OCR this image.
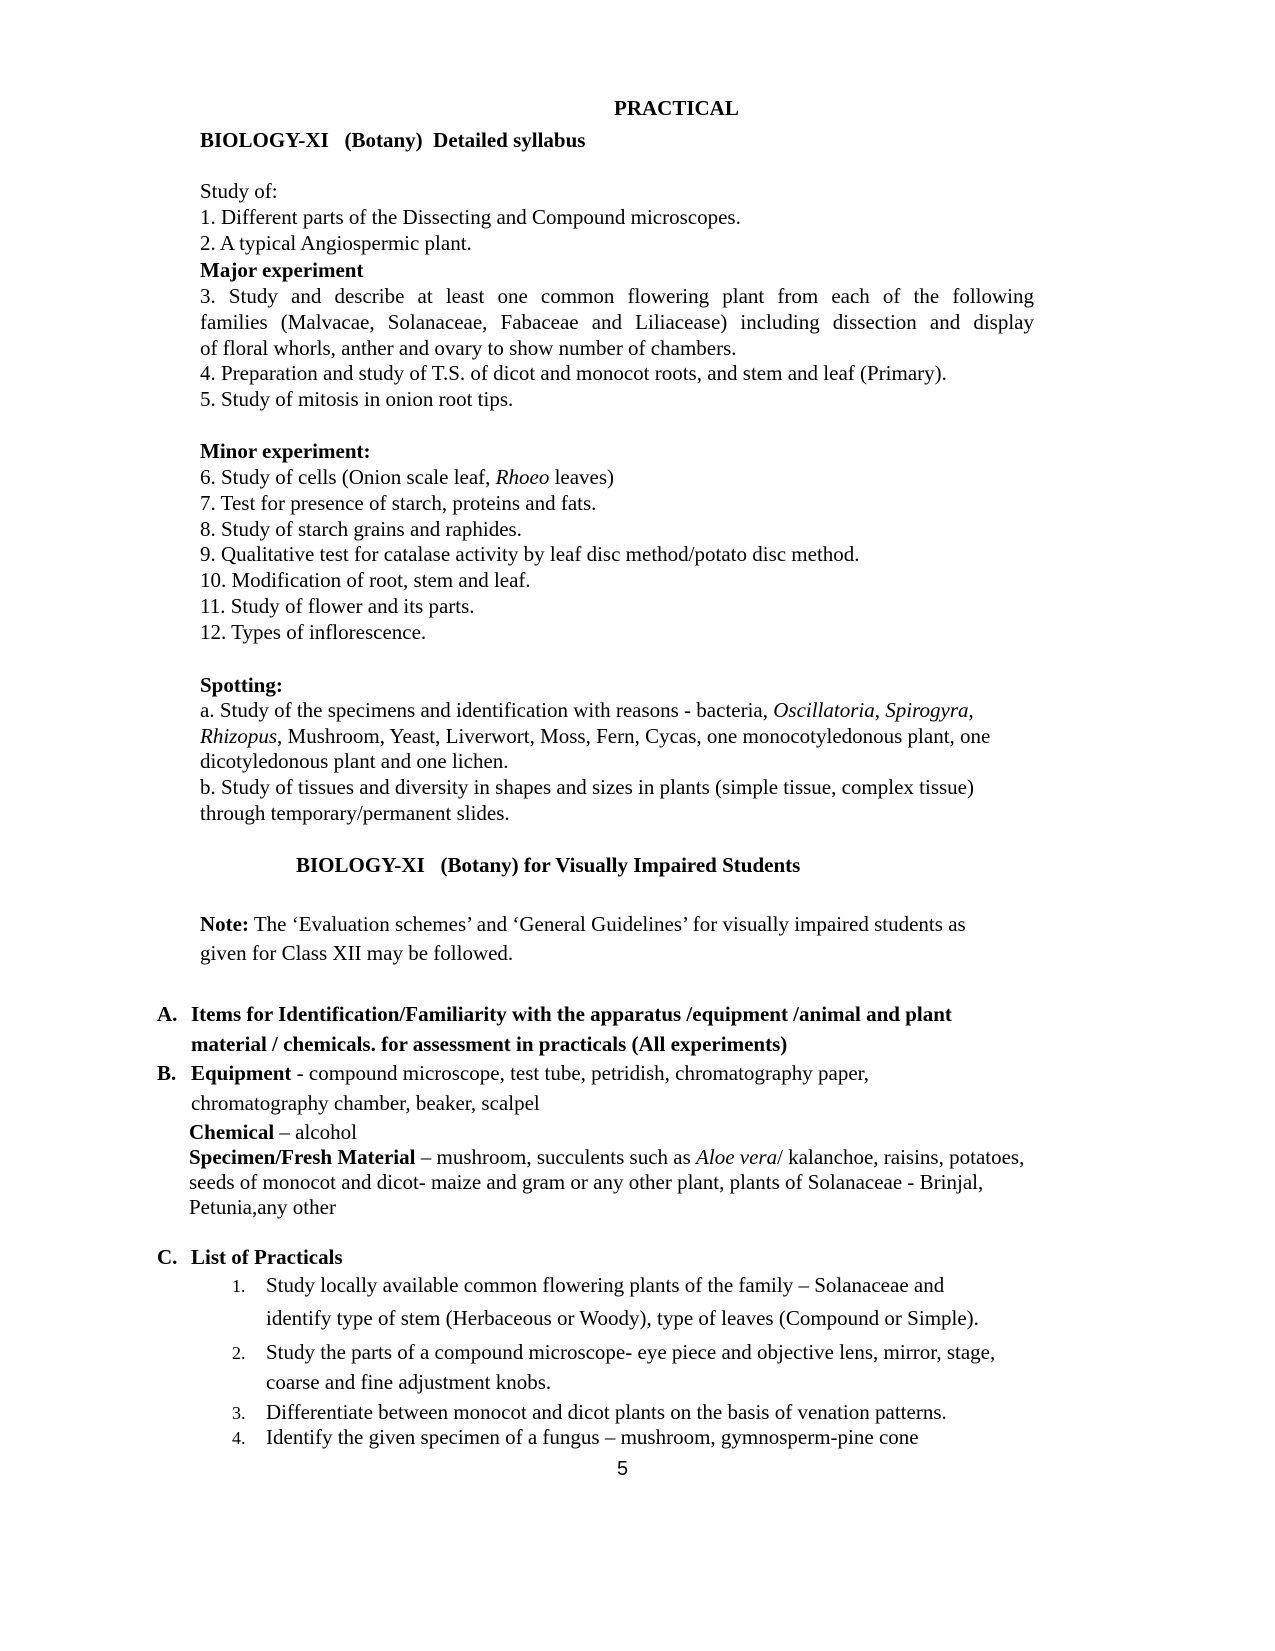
PRACTICAL
BIOLOGY-XI   (Botany)  Detailed syllabus
Study of:
1. Different parts of the Dissecting and Compound microscopes.
2. A typical Angiospermic plant.
Major experiment
3. Study and describe at least one common flowering plant from each of the following
families (Malvacae, Solanaceae, Fabaceae and Liliacease) including dissection and display
of floral whorls, anther and ovary to show number of chambers.
4. Preparation and study of T.S. of dicot and monocot roots, and stem and leaf (Primary).
5. Study of mitosis in onion root tips.
Minor experiment:
6. Study of cells (Onion scale leaf, Rhoeo leaves)
7. Test for presence of starch, proteins and fats.
8. Study of starch grains and raphides.
9. Qualitative test for catalase activity by leaf disc method/potato disc method.
10. Modification of root, stem and leaf.
11. Study of flower and its parts.
12. Types of inflorescence.
Spotting:
a. Study of the specimens and identification with reasons - bacteria, Oscillatoria, Spirogyra,
Rhizopus, Mushroom, Yeast, Liverwort, Moss, Fern, Cycas, one monocotyledonous plant, one
dicotyledonous plant and one lichen.
b. Study of tissues and diversity in shapes and sizes in plants (simple tissue, complex tissue)
through temporary/permanent slides.
BIOLOGY-XI   (Botany) for Visually Impaired Students
Note: The ‘Evaluation schemes’ and ‘General Guidelines’ for visually impaired students as
given for Class XII may be followed.
A. Items for Identification/Familiarity with the apparatus /equipment /animal and plant
material / chemicals. for assessment in practicals (All experiments)
B. Equipment - compound microscope, test tube, petridish, chromatography paper,
chromatography chamber, beaker, scalpel
Chemical – alcohol
Specimen/Fresh Material – mushroom, succulents such as Aloe vera/ kalanchoe, raisins, potatoes,
seeds of monocot and dicot- maize and gram or any other plant, plants of Solanaceae - Brinjal,
Petunia,any other
C. List of Practicals
1. Study locally available common flowering plants of the family – Solanaceae and
identify type of stem (Herbaceous or Woody), type of leaves (Compound or Simple).
2. Study the parts of a compound microscope- eye piece and objective lens, mirror, stage,
coarse and fine adjustment knobs.
3. Differentiate between monocot and dicot plants on the basis of venation patterns.
4. Identify the given specimen of a fungus – mushroom, gymnosperm-pine cone
5
